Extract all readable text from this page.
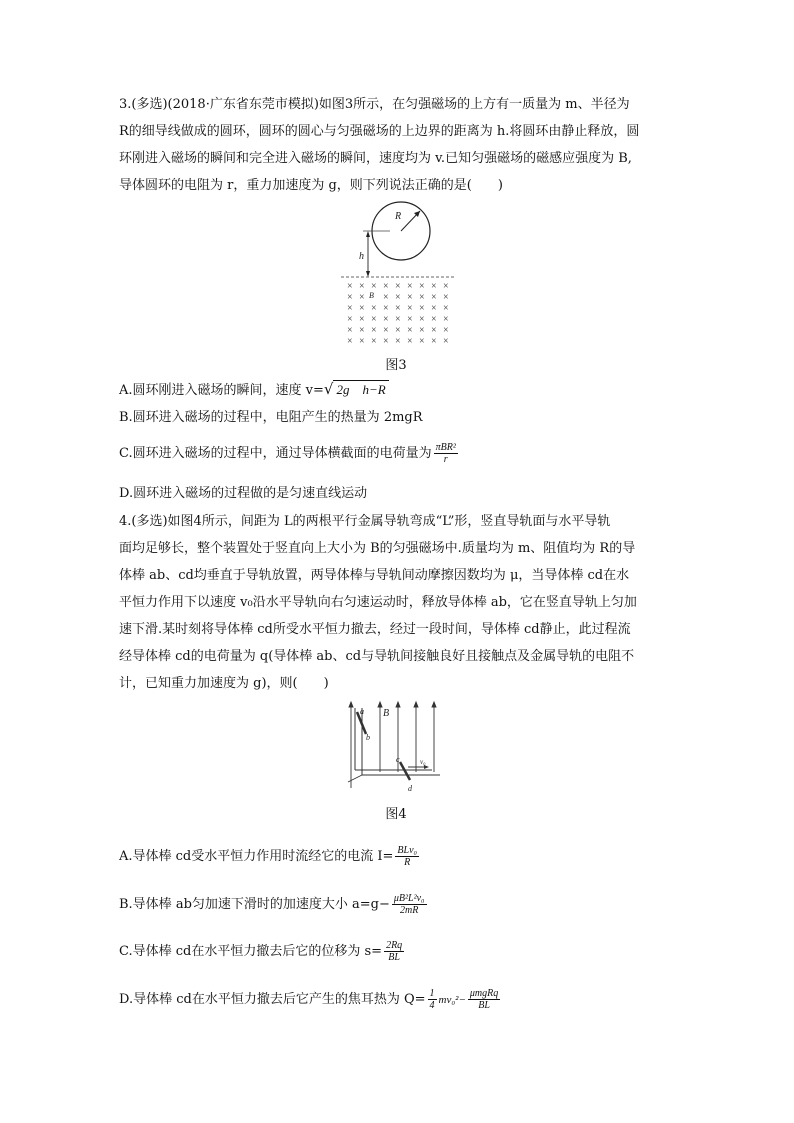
3.(多选)(2018·广东省东莞市模拟)如图3所示，在匀强磁场的上方有一质量为 m、半径为
R的细导线做成的圆环，圆环的圆心与匀强磁场的上边界的距离为 h.将圆环由静止释放，圆
环刚进入磁场的瞬间和完全进入磁场的瞬间，速度均为 v.已知匀强磁场的磁感应强度为 B,
导体圆环的电阻为 r，重力加速度为 g，则下列说法正确的是(　　)
R
h
× × × × × × × × ×
× × × × × × × ×
× × × × × × × × ×
× × × × × × × × ×
× × × × × × × × ×
× × × × × × × × ×
B
图3
A.圆环刚进入磁场的瞬间，速度 v=√ 2g　h−R
B.圆环进入磁场的过程中，电阻产生的热量为 2mgR
C.圆环进入磁场的过程中，通过导体横截面的电荷量为 $\frac{\text{πBR²}}{r}$
D.圆环进入磁场的过程做的是匀速直线运动
4.(多选)如图4所示，间距为 L的两根平行金属导轨弯成“L”形，竖直导轨面与水平导轨
面均足够长，整个装置处于竖直向上大小为 B的匀强磁场中.质量均为 m、阻值均为 R的导
体棒 ab、cd均垂直于导轨放置，两导体棒与导轨间动摩擦因数均为 μ，当导体棒 cd在水
平恒力作用下以速度 v₀沿水平导轨向右匀速运动时，释放导体棒 ab，它在竖直导轨上匀加
速下滑.某时刻将导体棒 cd所受水平恒力撤去，经过一段时间，导体棒 cd静止，此过程流
经导体棒 cd的电荷量为 q(导体棒 ab、cd与导轨间接触良好且接触点及金属导轨的电阻不
计，已知重力加速度为 g)，则(　　)
a
b
B
c
d
v₀
图4
A.导体棒 cd受水平恒力作用时流经它的电流 $I= \frac{\text{BLv₀}}{R}$
B.导体棒 ab匀加速下滑时的加速度大小 $a=g- \frac{\text{μB²L²v₀}}{2mR}$
C.导体棒 cd在水平恒力撤去后它的位移为 $s= \frac{2Rq}{BL}$
D.导体棒 cd在水平恒力撤去后它产生的焦耳热为 $Q= \frac{1}{4} mv_0^2- \frac{\text{μmgRq}}{BL}$
